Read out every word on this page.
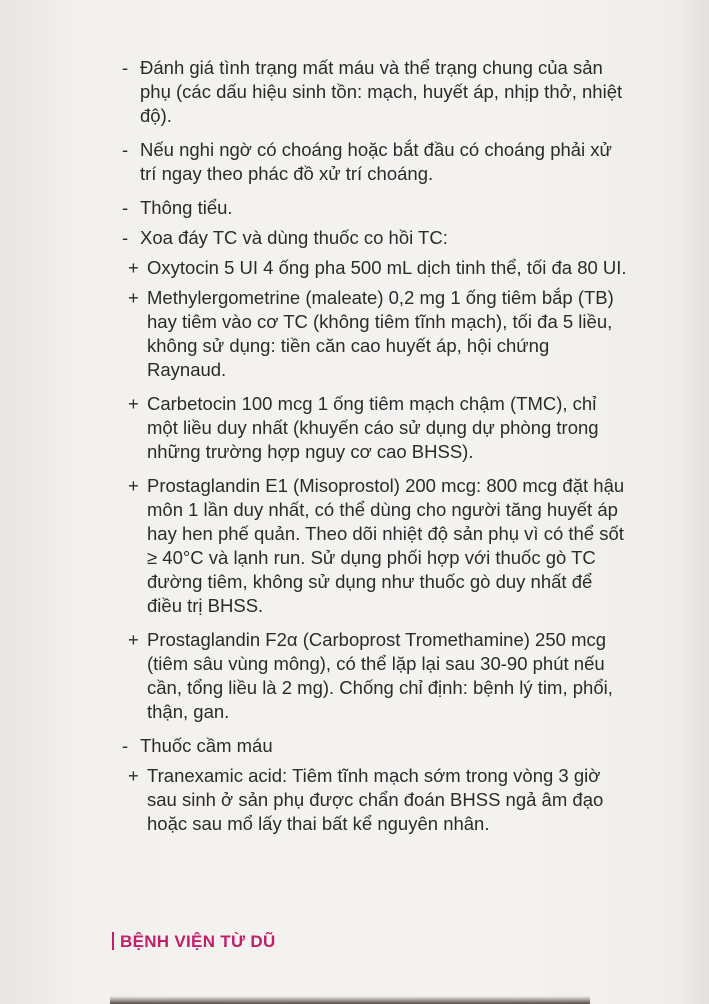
- Đánh giá tình trạng mất máu và thể trạng chung của sản phụ (các dấu hiệu sinh tồn: mạch, huyết áp, nhịp thở, nhiệt độ).
- Nếu nghi ngờ có choáng hoặc bắt đầu có choáng phải xử trí ngay theo phác đồ xử trí choáng.
- Thông tiểu.
- Xoa đáy TC và dùng thuốc co hồi TC:
+ Oxytocin 5 UI 4 ống pha 500 mL dịch tinh thể, tối đa 80 UI.
+ Methylergometrine (maleate) 0,2 mg 1 ống tiêm bắp (TB) hay tiêm vào cơ TC (không tiêm tĩnh mạch), tối đa 5 liều, không sử dụng: tiền căn cao huyết áp, hội chứng Raynaud.
+ Carbetocin 100 mcg 1 ống tiêm mạch chậm (TMC), chỉ một liều duy nhất (khuyến cáo sử dụng dự phòng trong những trường hợp nguy cơ cao BHSS).
+ Prostaglandin E1 (Misoprostol) 200 mcg: 800 mcg đặt hậu môn 1 lần duy nhất, có thể dùng cho người tăng huyết áp hay hen phế quản. Theo dõi nhiệt độ sản phụ vì có thể sốt ≥ 40°C và lạnh run. Sử dụng phối hợp với thuốc gò TC đường tiêm, không sử dụng như thuốc gò duy nhất để điều trị BHSS.
+ Prostaglandin F2α (Carboprost Tromethamine) 250 mcg (tiêm sâu vùng mông), có thể lặp lại sau 30-90 phút nếu cần, tổng liều là 2 mg). Chống chỉ định: bệnh lý tim, phổi, thận, gan.
- Thuốc cầm máu
+ Tranexamic acid: Tiêm tĩnh mạch sớm trong vòng 3 giờ sau sinh ở sản phụ được chẩn đoán BHSS ngả âm đạo hoặc sau mổ lấy thai bất kể nguyên nhân.
BỆNH VIỆN TỪ DŨ
